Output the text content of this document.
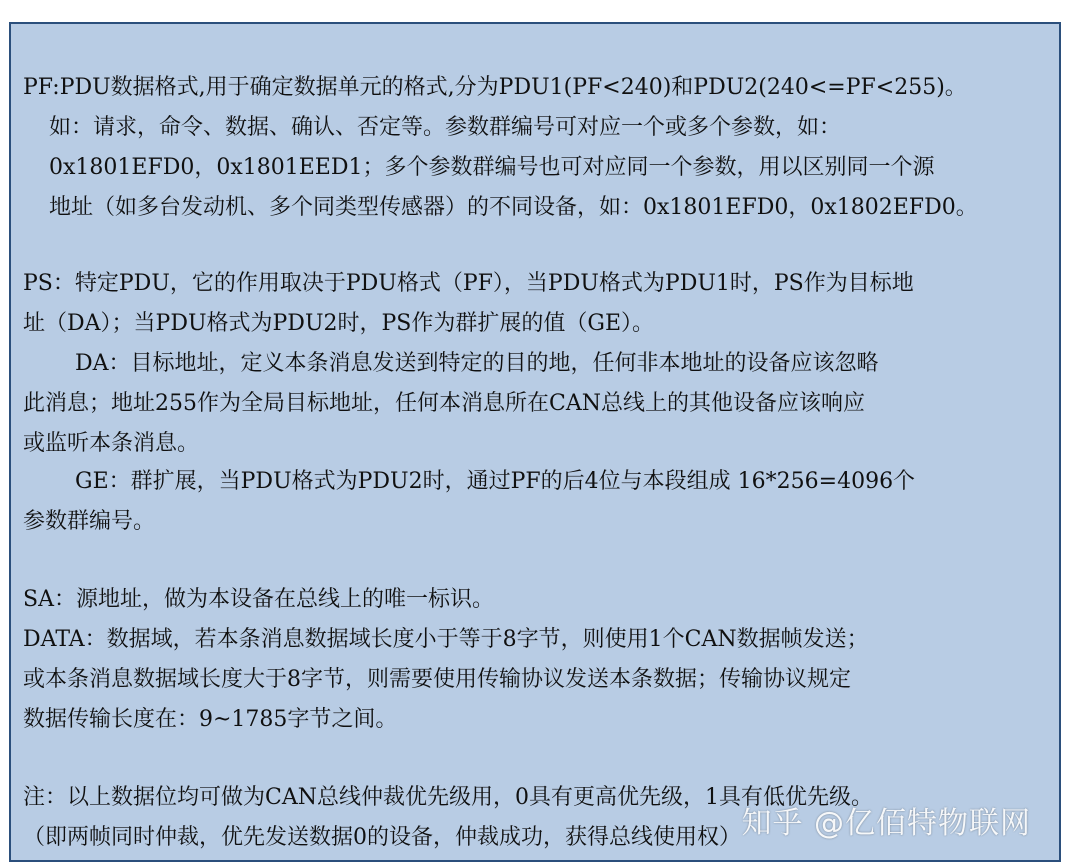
PF:PDU数据格式,用于确定数据单元的格式,分为PDU1(PF<240)和PDU2(240<=PF<255)。
如：请求，命令、数据、确认、否定等。参数群编号可对应一个或多个参数，如：
0x1801EFD0，0x1801EED1；多个参数群编号也可对应同一个参数，用以区别同一个源
地址（如多台发动机、多个同类型传感器）的不同设备，如：0x1801EFD0，0x1802EFD0。
PS：特定PDU，它的作用取决于PDU格式（PF），当PDU格式为PDU1时，PS作为目标地
址（DA）；当PDU格式为PDU2时，PS作为群扩展的值（GE）。
DA：目标地址，定义本条消息发送到特定的目的地，任何非本地址的设备应该忽略
此消息；地址255作为全局目标地址，任何本消息所在CAN总线上的其他设备应该响应
或监听本条消息。
GE：群扩展，当PDU格式为PDU2时，通过PF的后4位与本段组成 16*256=4096个
参数群编号。
SA：源地址，做为本设备在总线上的唯一标识。
DATA：数据域，若本条消息数据域长度小于等于8字节，则使用1个CAN数据帧发送；
或本条消息数据域长度大于8字节，则需要使用传输协议发送本条数据；传输协议规定
数据传输长度在：9~1785字节之间。
注：以上数据位均可做为CAN总线仲裁优先级用，0具有更高优先级，1具有低优先级。
（即两帧同时仲裁，优先发送数据0的设备，仲裁成功，获得总线使用权） 知乎 @亿佰特物联网
